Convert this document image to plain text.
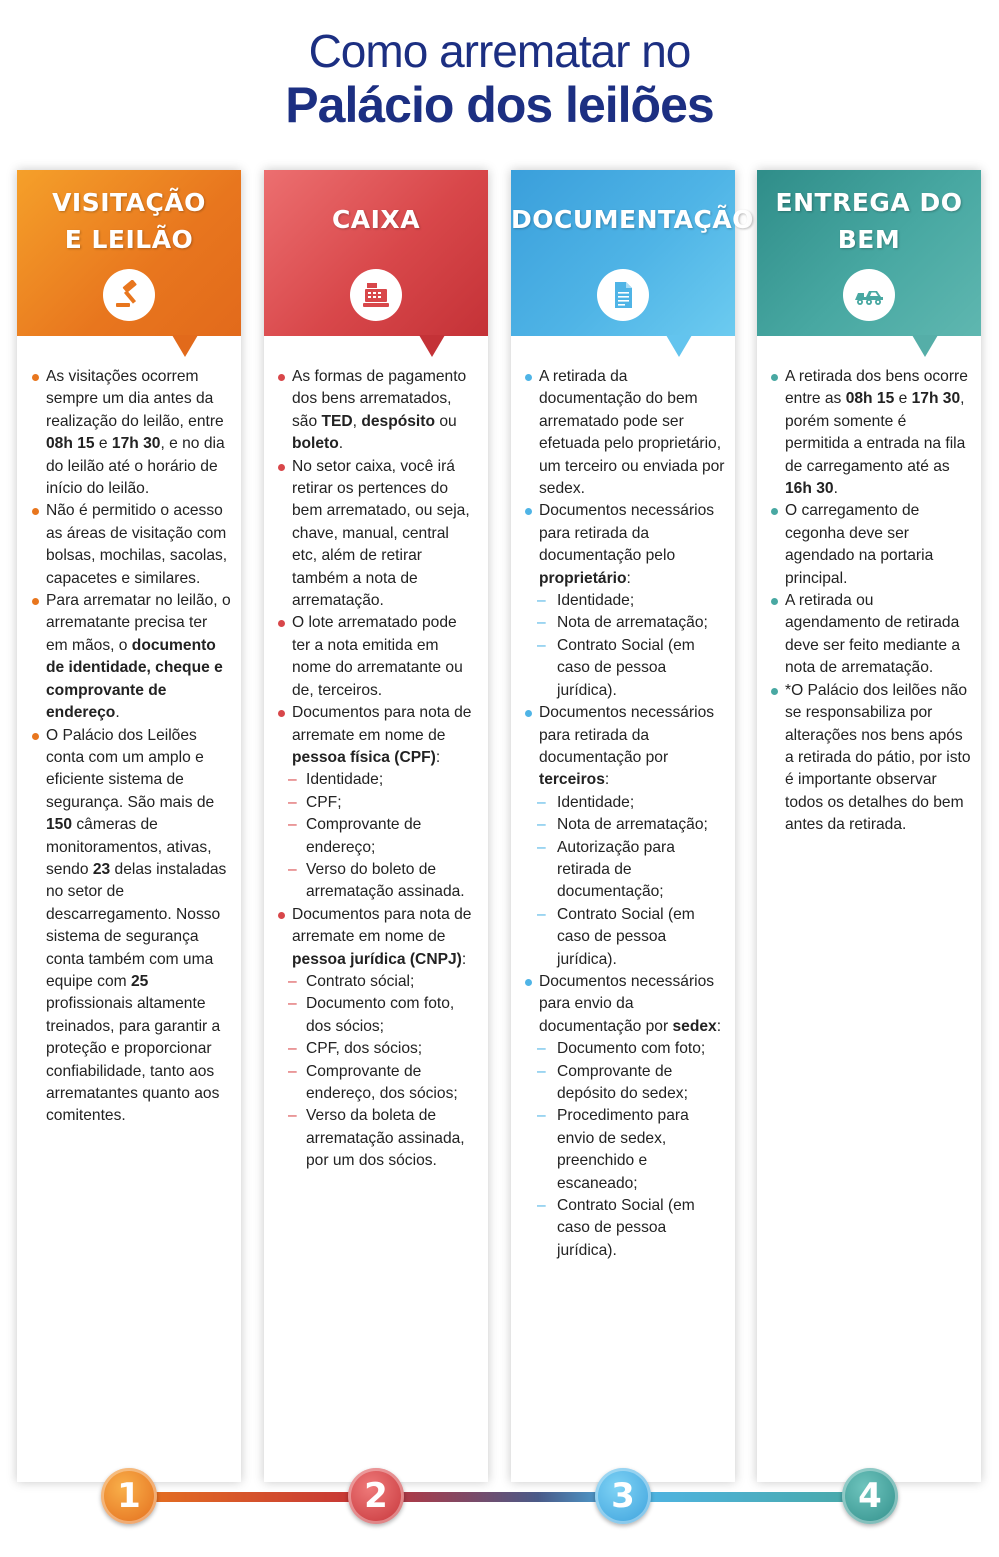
Como arrematar no
Palácio dos leilões
VISITAÇÃO
E LEILÃO
As visitações ocorrem sempre um dia antes da realização do leilão, entre 08h 15 e 17h 30, e no dia do leilão até o horário de início do leilão.
Não é permitido o acesso as áreas de visitação com bolsas, mochilas, sacolas, capacetes e similares.
Para arrematar no leilão, o arrematante precisa ter em mãos, o documento de identidade, cheque e comprovante de endereço.
O Palácio dos Leilões conta com um amplo e eficiente sistema de segurança. São mais de 150 câmeras de monitoramentos, ativas, sendo 23 delas instaladas no setor de descarregamento. Nosso sistema de segurança conta também com uma equipe com 25 profissionais altamente treinados, para garantir a proteção e proporcionar confiabilidade, tanto aos arrematantes quanto aos comitentes.
CAIXA
As formas de pagamento dos bens arrematados, são TED, despósito ou boleto.
No setor caixa, você irá retirar os pertences do bem arrematado, ou seja, chave, manual, central etc, além de retirar também a nota de arrematação.
O lote arrematado pode ter a nota emitida em nome do arrematante ou de, terceiros.
Documentos para nota de arremate em nome de pessoa física (CPF):
– Identidade;
– CPF;
– Comprovante de endereço;
– Verso do boleto de arrematação assinada.
Documentos para nota de arremate em nome de pessoa jurídica (CNPJ):
– Contrato sócial;
– Documento com foto, dos sócios;
– CPF, dos sócios;
– Comprovante de endereço, dos sócios;
– Verso da boleta de arrematação assinada, por um dos sócios.
DOCUMENTAÇÃO
A retirada da documentação do bem arrematado pode ser efetuada pelo proprietário, um terceiro ou enviada por sedex.
Documentos necessários para retirada da documentação pelo proprietário:
– Identidade;
– Nota de arrematação;
– Contrato Social (em caso de pessoa jurídica).
Documentos necessários para retirada da documentação por terceiros:
– Identidade;
– Nota de arrematação;
– Autorização para retirada de documentação;
– Contrato Social (em caso de pessoa jurídica).
Documentos necessários para envio da documentação por sedex:
– Documento com foto;
– Comprovante de depósito do sedex;
– Procedimento para envio de sedex, preenchido e escaneado;
– Contrato Social (em caso de pessoa jurídica).
ENTREGA DO
BEM
A retirada dos bens ocorre entre as 08h 15 e 17h 30, porém somente é permitida a entrada na fila de carregamento até as 16h 30.
O carregamento de cegonha deve ser agendado na portaria principal.
A retirada ou agendamento de retirada deve ser feito mediante a nota de arrematação.
*O Palácio dos leilões não se responsabiliza por alterações nos bens após a retirada do pátio, por isto é importante observar todos os detalhes do bem antes da retirada.
1	2	3	4
